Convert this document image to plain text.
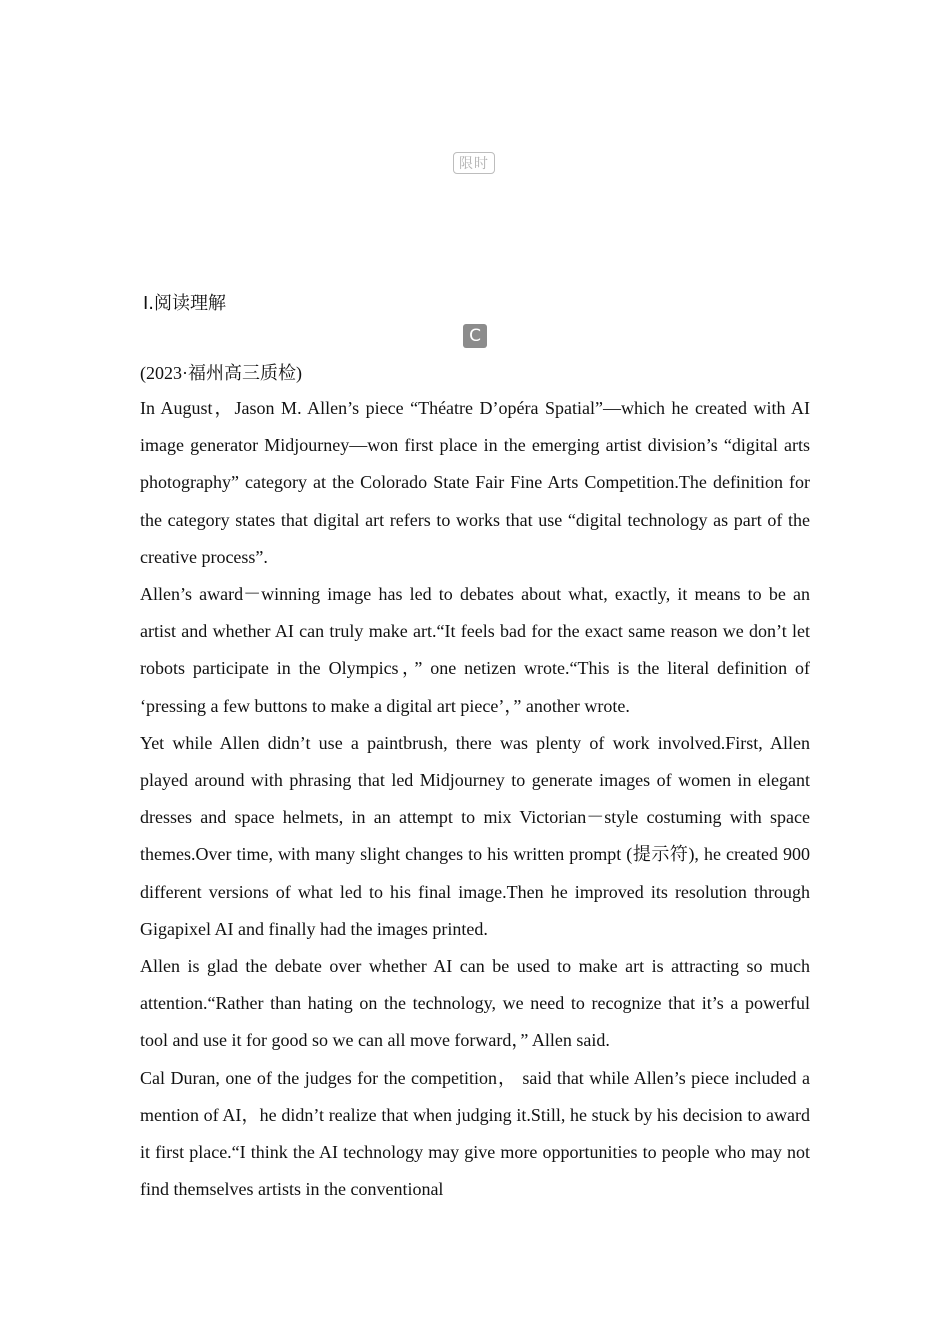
限时
Ⅰ.阅读理解
C
(2023·福州高三质检)

In August，Jason M. Allen’s piece “Théatre D’opéra Spatial”—which he created with AI image generator Midjourney—won first place in the emerging artist division’s “digital arts photography” category at the Colorado State Fair Fine Arts Competition.The definition for the category states that digital art refers to works that use “digital technology as part of the creative process”.

Allen’s award－winning image has led to debates about what, exactly, it means to be an artist and whether AI can truly make art.“It feels bad for the exact same reason we don’t let robots participate in the Olympics，” one netizen wrote.“This is the literal definition of ‘pressing a few buttons to make a digital art piece’，” another wrote.

Yet while Allen didn’t use a paintbrush, there was plenty of work involved.First, Allen played around with phrasing that led Midjourney to generate images of women in elegant dresses and space helmets, in an attempt to mix Victorian－style costuming with space themes.Over time, with many slight changes to his written prompt (提示符), he created 900 different versions of what led to his final image.Then he improved its resolution through Gigapixel AI and finally had the images printed.

Allen is glad the debate over whether AI can be used to make art is attracting so much attention.“Rather than hating on the technology, we need to recognize that it’s a powerful tool and use it for good so we can all move forward，” Allen said.

Cal Duran, one of the judges for the competition， said that while Allen’s piece included a mention of AI，he didn’t realize that when judging it.Still, he stuck by his decision to award it first place.“I think the AI technology may give more opportunities to people who may not find themselves artists in the conventional
